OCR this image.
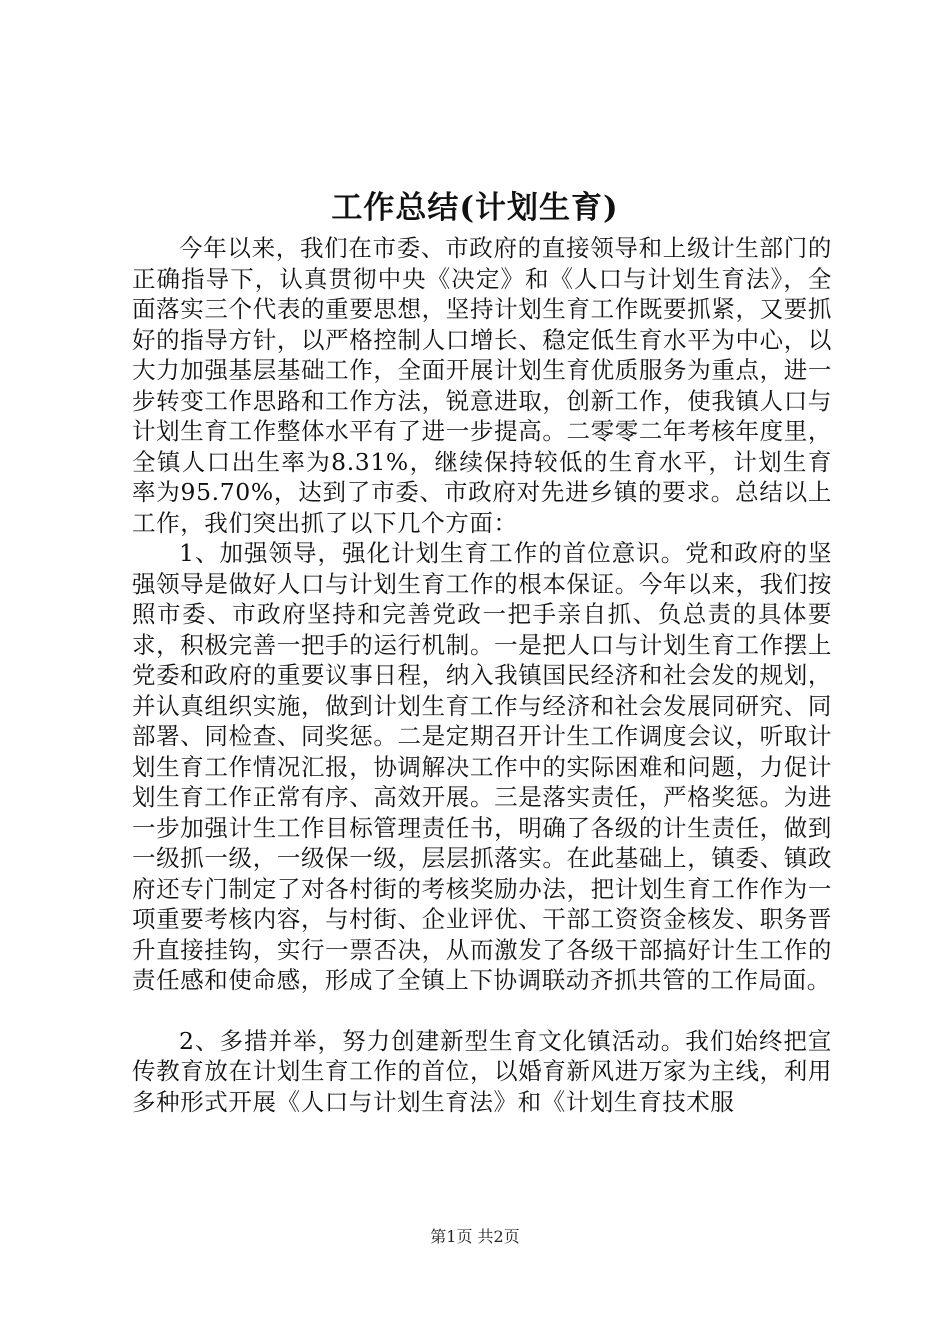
工作总结(计划生育)

今年以来，我们在市委、市政府的直接领导和上级计生部门的正确指导下，认真贯彻中央《决定》和《人口与计划生育法》，全面落实三个代表的重要思想，坚持计划生育工作既要抓紧，又要抓好的指导方针，以严格控制人口增长、稳定低生育水平为中心，以大力加强基层基础工作，全面开展计划生育优质服务为重点，进一步转变工作思路和工作方法，锐意进取，创新工作，使我镇人口与计划生育工作整体水平有了进一步提高。二零零二年考核年度里，全镇人口出生率为8.31%，继续保持较低的生育水平，计划生育率为95.70%，达到了市委、市政府对先进乡镇的要求。总结以上工作，我们突出抓了以下几个方面：

1、加强领导，强化计划生育工作的首位意识。党和政府的坚强领导是做好人口与计划生育工作的根本保证。今年以来，我们按照市委、市政府坚持和完善党政一把手亲自抓、负总责的具体要求，积极完善一把手的运行机制。一是把人口与计划生育工作摆上党委和政府的重要议事日程，纳入我镇国民经济和社会发的规划，并认真组织实施，做到计划生育工作与经济和社会发展同研究、同部署、同检查、同奖惩。二是定期召开计生工作调度会议，听取计划生育工作情况汇报，协调解决工作中的实际困难和问题，力促计划生育工作正常有序、高效开展。三是落实责任，严格奖惩。为进一步加强计生工作目标管理责任书，明确了各级的计生责任，做到一级抓一级，一级保一级，层层抓落实。在此基础上，镇委、镇政府还专门制定了对各村街的考核奖励办法，把计划生育工作作为一项重要考核内容，与村街、企业评优、干部工资资金核发、职务晋升直接挂钩，实行一票否决，从而激发了各级干部搞好计生工作的责任感和使命感，形成了全镇上下协调联动齐抓共管的工作局面。

2、多措并举，努力创建新型生育文化镇活动。我们始终把宣传教育放在计划生育工作的首位，以婚育新风进万家为主线，利用多种形式开展《人口与计划生育法》和《计划生育技术服

第1页 共2页
